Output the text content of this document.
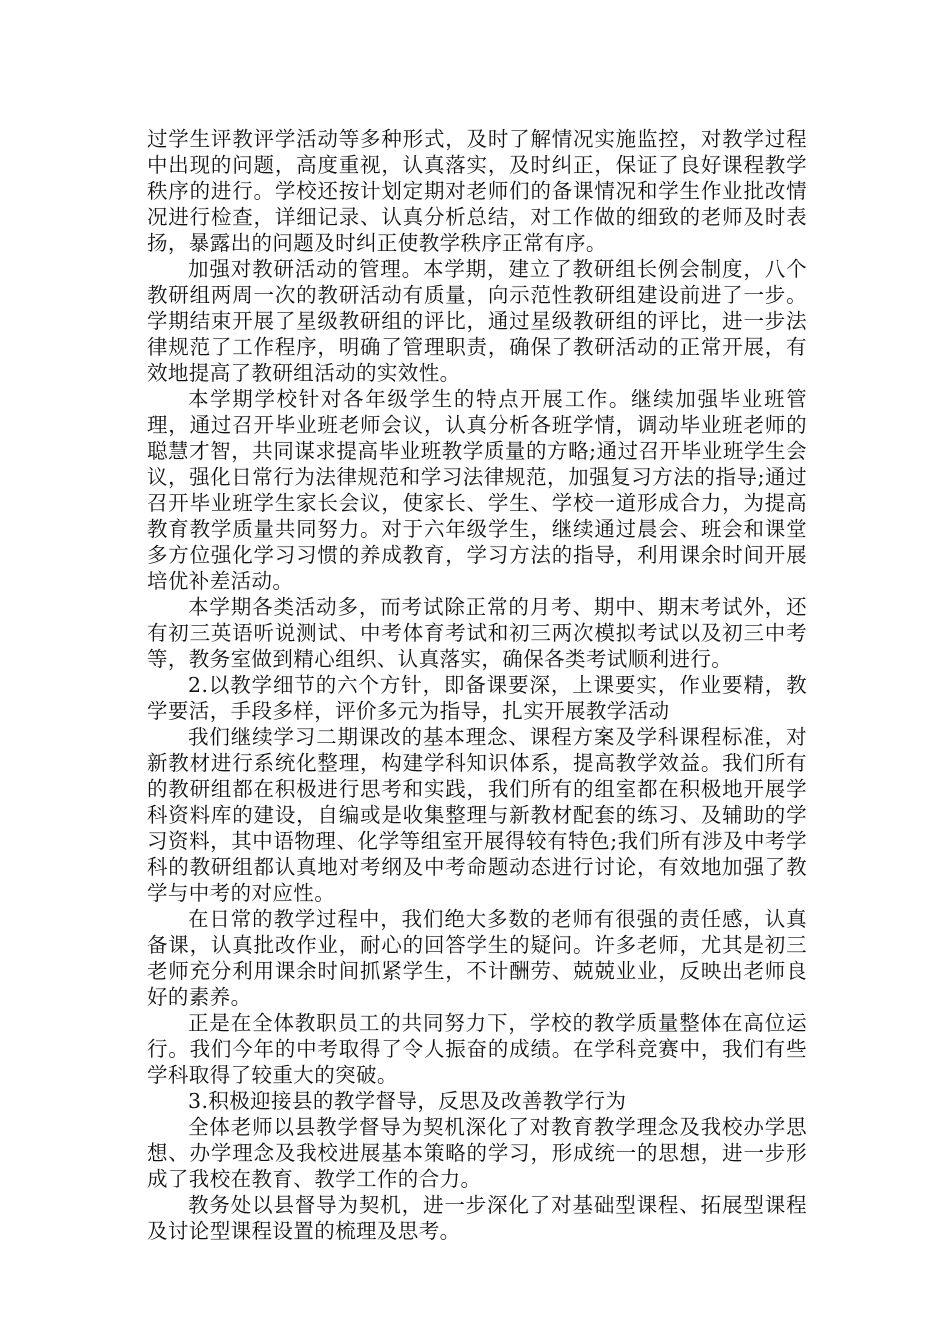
过学生评教评学活动等多种形式，及时了解情况实施监控，对教学过程中出现的问题，高度重视，认真落实，及时纠正，保证了良好课程教学秩序的进行。学校还按计划定期对老师们的备课情况和学生作业批改情况进行检查，详细记录、认真分析总结，对工作做的细致的老师及时表扬，暴露出的问题及时纠正使教学秩序正常有序。

加强对教研活动的管理。本学期，建立了教研组长例会制度，八个教研组两周一次的教研活动有质量，向示范性教研组建设前进了一步。学期结束开展了星级教研组的评比，通过星级教研组的评比，进一步法律规范了工作程序，明确了管理职责，确保了教研活动的正常开展，有效地提高了教研组活动的实效性。

本学期学校针对各年级学生的特点开展工作。继续加强毕业班管理，通过召开毕业班老师会议，认真分析各班学情，调动毕业班老师的聪慧才智，共同谋求提高毕业班教学质量的方略;通过召开毕业班学生会议，强化日常行为法律规范和学习法律规范，加强复习方法的指导;通过召开毕业班学生家长会议，使家长、学生、学校一道形成合力，为提高教育教学质量共同努力。对于六年级学生，继续通过晨会、班会和课堂多方位强化学习习惯的养成教育，学习方法的指导，利用课余时间开展培优补差活动。

本学期各类活动多，而考试除正常的月考、期中、期末考试外，还有初三英语听说测试、中考体育考试和初三两次模拟考试以及初三中考等，教务室做到精心组织、认真落实，确保各类考试顺利进行。

2.以教学细节的六个方针，即备课要深，上课要实，作业要精，教学要活，手段多样，评价多元为指导，扎实开展教学活动

我们继续学习二期课改的基本理念、课程方案及学科课程标准，对新教材进行系统化整理，构建学科知识体系，提高教学效益。我们所有的教研组都在积极进行思考和实践，我们所有的组室都在积极地开展学科资料库的建设，自编或是收集整理与新教材配套的练习、及辅助的学习资料，其中语物理、化学等组室开展得较有特色;我们所有涉及中考学科的教研组都认真地对考纲及中考命题动态进行讨论，有效地加强了教学与中考的对应性。

在日常的教学过程中，我们绝大多数的老师有很强的责任感，认真备课，认真批改作业，耐心的回答学生的疑问。许多老师，尤其是初三老师充分利用课余时间抓紧学生，不计酬劳、兢兢业业，反映出老师良好的素养。

正是在全体教职员工的共同努力下，学校的教学质量整体在高位运行。我们今年的中考取得了令人振奋的成绩。在学科竞赛中，我们有些学科取得了较重大的突破。

3.积极迎接县的教学督导，反思及改善教学行为

全体老师以县教学督导为契机深化了对教育教学理念及我校办学思想、办学理念及我校进展基本策略的学习，形成统一的思想，进一步形成了我校在教育、教学工作的合力。

教务处以县督导为契机，进一步深化了对基础型课程、拓展型课程及讨论型课程设置的梳理及思考。
